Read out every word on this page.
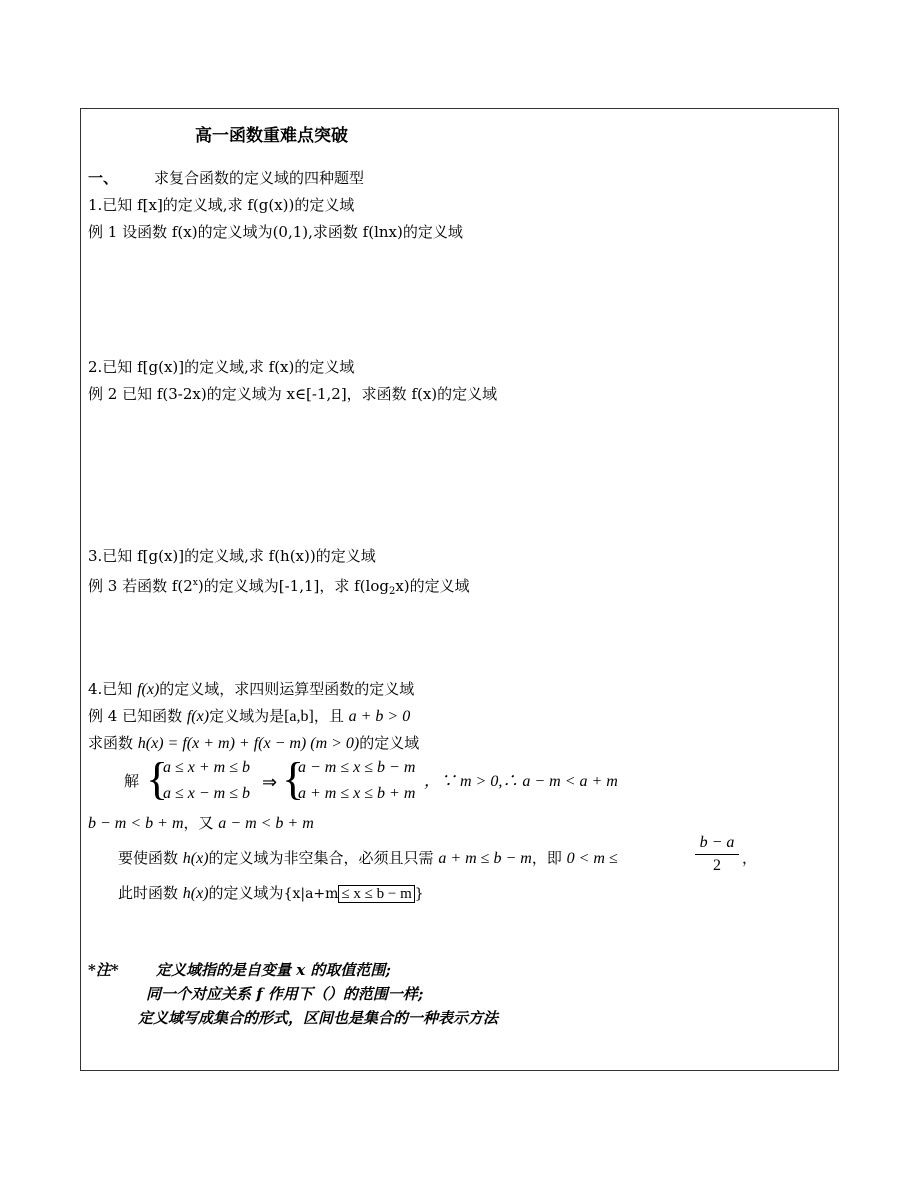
高一函数重难点突破
一、 求复合函数的定义域的四种题型
1.已知 f[x]的定义域,求 f(g(x))的定义域
例 1 设函数 f(x)的定义域为(0,1),求函数 f(lnx)的定义域
2.已知 f[g(x)]的定义域,求 f(x)的定义域
例 2 已知 f(3-2x)的定义域为 x∈[-1,2]，求函数 f(x)的定义域
3.已知 f[g(x)]的定义域,求 f(h(x))的定义域
例 3 若函数 f(2$^x$)的定义域为[-1,1]，求 $f(\log_2x)$的定义域
4.已知 f(x)的定义域，求四则运算型函数的定义域
例 4 已知函数 f(x)定义域为是[a,b]，且 a + b > 0
求函数 h(x) = f(x + m) + f(x − m) (m > 0)的定义域
解 {
a ≤ x + m ≤ b
a ≤ x − m ≤ b
⇒ {
a − m ≤ x ≤ b − m
a + m ≤ x ≤ b + m
，∵ m > 0,∴ a − m < a + m
b − m < b + m，又 a − m < b + m
要使函数 h(x)的定义域为非空集合，必须且只需 a + m ≤ b − m，即 0 < m ≤
b − a
2	，
此时函数 h(x)的定义域为{x|a+m ≤ x ≤ b − m }
*注* 定义域指的是自变量 x 的取值范围;
同一个对应关系 f 作用下（）的范围一样;
定义域写成集合的形式，区间也是集合的一种表示方法
